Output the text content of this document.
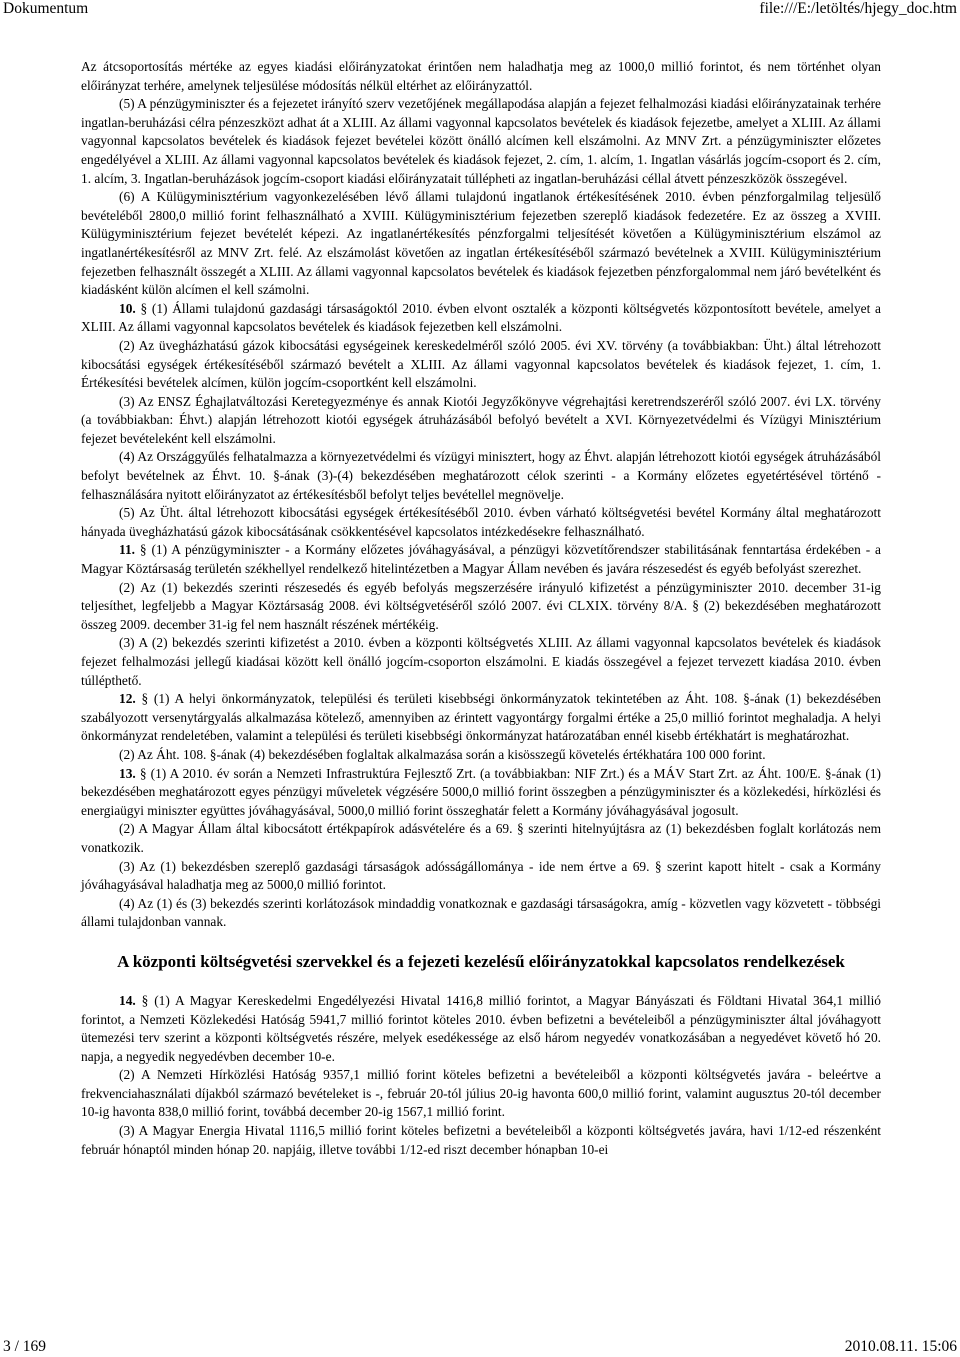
Dokumentum	file:///E:/letöltés/hjegy_doc.htm

Az átcsoportosítás mértéke az egyes kiadási előirányzatokat érintően nem haladhatja meg az 1000,0 millió forintot, és nem történhet olyan előirányzat terhére, amelynek teljesülése módosítás nélkül eltérhet az előirányzattól.

(5) A pénzügyminiszter és a fejezetet irányító szerv vezetőjének megállapodása alapján a fejezet felhalmozási kiadási előirányzatainak terhére ingatlan-beruházási célra pénzeszközt adhat át a XLIII. Az állami vagyonnal kapcsolatos bevételek és kiadások fejezetbe, amelyet a XLIII. Az állami vagyonnal kapcsolatos bevételek és kiadások fejezet bevételei között önálló alcímen kell elszámolni. Az MNV Zrt. a pénzügyminiszter előzetes engedélyével a XLIII. Az állami vagyonnal kapcsolatos bevételek és kiadások fejezet, 2. cím, 1. alcím, 1. Ingatlan vásárlás jogcím-csoport és 2. cím, 1. alcím, 3. Ingatlan-beruházások jogcím-csoport kiadási előirányzatait túllépheti az ingatlan-beruházási céllal átvett pénzeszközök összegével.

(6) A Külügyminisztérium vagyonkezelésében lévő állami tulajdonú ingatlanok értékesítésének 2010. évben pénzforgalmilag teljesülő bevételéből 2800,0 millió forint felhasználható a XVIII. Külügyminisztérium fejezetben szereplő kiadások fedezetére. Ez az összeg a XVIII. Külügyminisztérium fejezet bevételét képezi. Az ingatlanértékesítés pénzforgalmi teljesítését követően a Külügyminisztérium elszámol az ingatlanértékesítésről az MNV Zrt. felé. Az elszámolást követően az ingatlan értékesítéséből származó bevételnek a XVIII. Külügyminisztérium fejezetben felhasznált összegét a XLIII. Az állami vagyonnal kapcsolatos bevételek és kiadások fejezetben pénzforgalommal nem járó bevételként és kiadásként külön alcímen el kell számolni.

10. § (1) Állami tulajdonú gazdasági társaságoktól 2010. évben elvont osztalék a központi költségvetés központosított bevétele, amelyet a XLIII. Az állami vagyonnal kapcsolatos bevételek és kiadások fejezetben kell elszámolni.

(2) Az üvegházhatású gázok kibocsátási egységeinek kereskedelméről szóló 2005. évi XV. törvény (a továbbiakban: Üht.) által létrehozott kibocsátási egységek értékesítéséből származó bevételt a XLIII. Az állami vagyonnal kapcsolatos bevételek és kiadások fejezet, 1. cím, 1. Értékesítési bevételek alcímen, külön jogcím-csoportként kell elszámolni.

(3) Az ENSZ Éghajlatváltozási Keretegyezménye és annak Kiotói Jegyzőkönyve végrehajtási keretrendszeréről szóló 2007. évi LX. törvény (a továbbiakban: Éhvt.) alapján létrehozott kiotói egységek átruházásából befolyó bevételt a XVI. Környezetvédelmi és Vízügyi Minisztérium fejezet bevételeként kell elszámolni.

(4) Az Országgyűlés felhatalmazza a környezetvédelmi és vízügyi minisztert, hogy az Éhvt. alapján létrehozott kiotói egységek átruházásából befolyt bevételnek az Éhvt. 10. §-ának (3)-(4) bekezdésében meghatározott célok szerinti - a Kormány előzetes egyetértésével történő - felhasználására nyitott előirányzatot az értékesítésből befolyt teljes bevétellel megnövelje.

(5) Az Üht. által létrehozott kibocsátási egységek értékesítéséből 2010. évben várható költségvetési bevétel Kormány által meghatározott hányada üvegházhatású gázok kibocsátásának csökkentésével kapcsolatos intézkedésekre felhasználható.

11. § (1) A pénzügyminiszter - a Kormány előzetes jóváhagyásával, a pénzügyi közvetítőrendszer stabilitásának fenntartása érdekében - a Magyar Köztársaság területén székhellyel rendelkező hitelintézetben a Magyar Állam nevében és javára részesedést és egyéb befolyást szerezhet.

(2) Az (1) bekezdés szerinti részesedés és egyéb befolyás megszerzésére irányuló kifizetést a pénzügyminiszter 2010. december 31-ig teljesíthet, legfeljebb a Magyar Köztársaság 2008. évi költségvetéséről szóló 2007. évi CLXIX. törvény 8/A. § (2) bekezdésében meghatározott összeg 2009. december 31-ig fel nem használt részének mértékéig.

(3) A (2) bekezdés szerinti kifizetést a 2010. évben a központi költségvetés XLIII. Az állami vagyonnal kapcsolatos bevételek és kiadások fejezet felhalmozási jellegű kiadásai között kell önálló jogcím-csoporton elszámolni. E kiadás összegével a fejezet tervezett kiadása 2010. évben túllépthető.

12. § (1) A helyi önkormányzatok, települési és területi kisebbségi önkormányzatok tekintetében az Áht. 108. §-ának (1) bekezdésében szabályozott versenytárgyalás alkalmazása kötelező, amennyiben az érintett vagyontárgy forgalmi értéke a 25,0 millió forintot meghaladja. A helyi önkormányzat rendeletében, valamint a települési és területi kisebbségi önkormányzat határozatában ennél kisebb értékhatárt is meghatározhat.

(2) Az Áht. 108. §-ának (4) bekezdésében foglaltak alkalmazása során a kisösszegű követelés értékhatára 100 000 forint.

13. § (1) A 2010. év során a Nemzeti Infrastruktúra Fejlesztő Zrt. (a továbbiakban: NIF Zrt.) és a MÁV Start Zrt. az Áht. 100/E. §-ának (1) bekezdésében meghatározott egyes pénzügyi műveletek végzésére 5000,0 millió forint összegben a pénzügyminiszter és a közlekedési, hírközlési és energiaügyi miniszter együttes jóváhagyásával, 5000,0 millió forint összeghatár felett a Kormány jóváhagyásával jogosult.

(2) A Magyar Állam által kibocsátott értékpapírok adásvételére és a 69. § szerinti hitelnyújtásra az (1) bekezdésben foglalt korlátozás nem vonatkozik.

(3) Az (1) bekezdésben szereplő gazdasági társaságok adósságállománya - ide nem értve a 69. § szerint kapott hitelt - csak a Kormány jóváhagyásával haladhatja meg az 5000,0 millió forintot.

(4) Az (1) és (3) bekezdés szerinti korlátozások mindaddig vonatkoznak e gazdasági társaságokra, amíg - közvetlen vagy közvetett - többségi állami tulajdonban vannak.

A központi költségvetési szervekkel és a fejezeti kezelésű előirányzatokkal kapcsolatos rendelkezések

14. § (1) A Magyar Kereskedelmi Engedélyezési Hivatal 1416,8 millió forintot, a Magyar Bányászati és Földtani Hivatal 364,1 millió forintot, a Nemzeti Közlekedési Hatóság 5941,7 millió forintot köteles 2010. évben befizetni a bevételeiből a pénzügyminiszter által jóváhagyott ütemezési terv szerint a központi költségvetés részére, melyek esedékessége az első három negyedév vonatkozásában a negyedévet követő hó 20. napja, a negyedik negyedévben december 10-e.

(2) A Nemzeti Hírközlési Hatóság 9357,1 millió forint köteles befizetni a bevételeiből a központi költségvetés javára - beleértve a frekvenciahasználati díjakból származó bevételeket is -, február 20-tól július 20-ig havonta 600,0 millió forint, valamint augusztus 20-tól december 10-ig havonta 838,0 millió forint, továbbá december 20-ig 1567,1 millió forint.

(3) A Magyar Energia Hivatal 1116,5 millió forint köteles befizetni a bevételeiből a központi költségvetés javára, havi 1/12-ed részenként február hónaptól minden hónap 20. napjáig, illetve további 1/12-ed riszt december hónapban 10-ei

3 / 169	2010.08.11. 15:06
